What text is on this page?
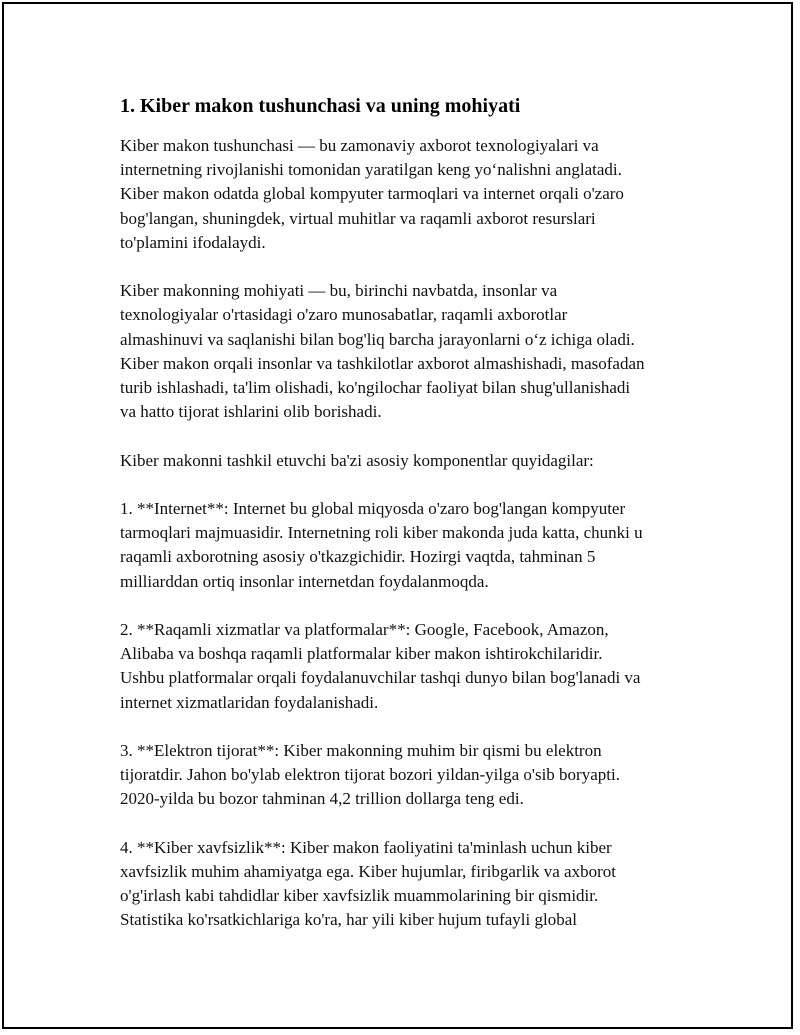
1. Kiber makon tushunchasi va uning mohiyati

Kiber makon tushunchasi — bu zamonaviy axborot texnologiyalari va
internetning rivojlanishi tomonidan yaratilgan keng yo‘nalishni anglatadi.
Kiber makon odatda global kompyuter tarmoqlari va internet orqali o'zaro
bog'langan, shuningdek, virtual muhitlar va raqamli axborot resurslari
to'plamini ifodalaydi.

Kiber makonning mohiyati — bu, birinchi navbatda, insonlar va
texnologiyalar o'rtasidagi o'zaro munosabatlar, raqamli axborotlar
almashinuvi va saqlanishi bilan bog'liq barcha jarayonlarni o‘z ichiga oladi.
Kiber makon orqali insonlar va tashkilotlar axborot almashishadi, masofadan
turib ishlashadi, ta'lim olishadi, ko'ngilochar faoliyat bilan shug'ullanishadi
va hatto tijorat ishlarini olib borishadi.

Kiber makonni tashkil etuvchi ba'zi asosiy komponentlar quyidagilar:

1. **Internet**: Internet bu global miqyosda o'zaro bog'langan kompyuter
tarmoqlari majmuasidir. Internetning roli kiber makonda juda katta, chunki u
raqamli axborotning asosiy o'tkazgichidir. Hozirgi vaqtda, tahminan 5
milliarddan ortiq insonlar internetdan foydalanmoqda.

2. **Raqamli xizmatlar va platformalar**: Google, Facebook, Amazon,
Alibaba va boshqa raqamli platformalar kiber makon ishtirokchilaridir.
Ushbu platformalar orqali foydalanuvchilar tashqi dunyo bilan bog'lanadi va
internet xizmatlaridan foydalanishadi.

3. **Elektron tijorat**: Kiber makonning muhim bir qismi bu elektron
tijoratdir. Jahon bo'ylab elektron tijorat bozori yildan-yilga o'sib boryapti.
2020-yilda bu bozor tahminan 4,2 trillion dollarga teng edi.

4. **Kiber xavfsizlik**: Kiber makon faoliyatini ta'minlash uchun kiber
xavfsizlik muhim ahamiyatga ega. Kiber hujumlar, firibgarlik va axborot
o'g'irlash kabi tahdidlar kiber xavfsizlik muammolarining bir qismidir.
Statistika ko'rsatkichlariga ko'ra, har yili kiber hujum tufayli global
